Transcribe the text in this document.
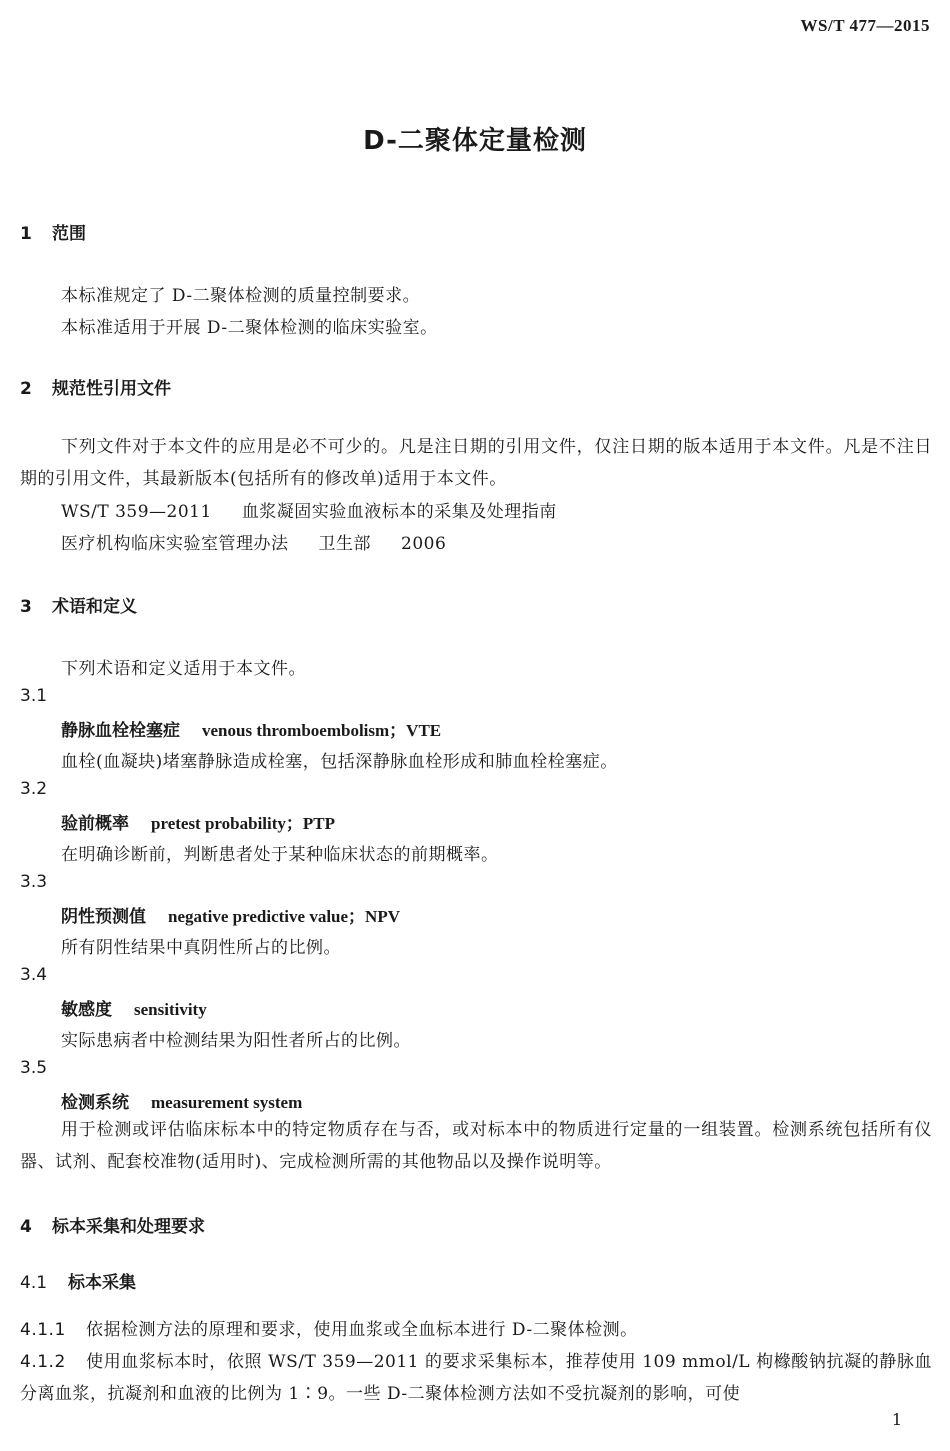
WS/T 477—2015
D-二聚体定量检测
1 范围
本标准规定了 D-二聚体检测的质量控制要求。
本标准适用于开展 D-二聚体检测的临床实验室。
2 规范性引用文件
下列文件对于本文件的应用是必不可少的。凡是注日期的引用文件，仅注日期的版本适用于本文件。凡是不注日期的引用文件，其最新版本(包括所有的修改单)适用于本文件。
WS/T 359—2011 血浆凝固实验血液标本的采集及处理指南
医疗机构临床实验室管理办法 卫生部 2006
3 术语和定义
下列术语和定义适用于本文件。
3.1
静脉血栓栓塞症 venous thromboembolism；VTE
血栓(血凝块)堵塞静脉造成栓塞，包括深静脉血栓形成和肺血栓栓塞症。
3.2
验前概率 pretest probability；PTP
在明确诊断前，判断患者处于某种临床状态的前期概率。
3.3
阴性预测值 negative predictive value；NPV
所有阴性结果中真阴性所占的比例。
3.4
敏感度 sensitivity
实际患病者中检测结果为阳性者所占的比例。
3.5
检测系统 measurement system
用于检测或评估临床标本中的特定物质存在与否，或对标本中的物质进行定量的一组装置。检测系统包括所有仪器、试剂、配套校准物(适用时)、完成检测所需的其他物品以及操作说明等。
4 标本采集和处理要求
4.1 标本采集
4.1.1 依据检测方法的原理和要求，使用血浆或全血标本进行 D-二聚体检测。
4.1.2 使用血浆标本时，依照 WS/T 359—2011 的要求采集标本，推荐使用 109 mmol/L 枸橼酸钠抗凝的静脉血分离血浆，抗凝剂和血液的比例为 1∶9。一些 D-二聚体检测方法如不受抗凝剂的影响，可使
1
